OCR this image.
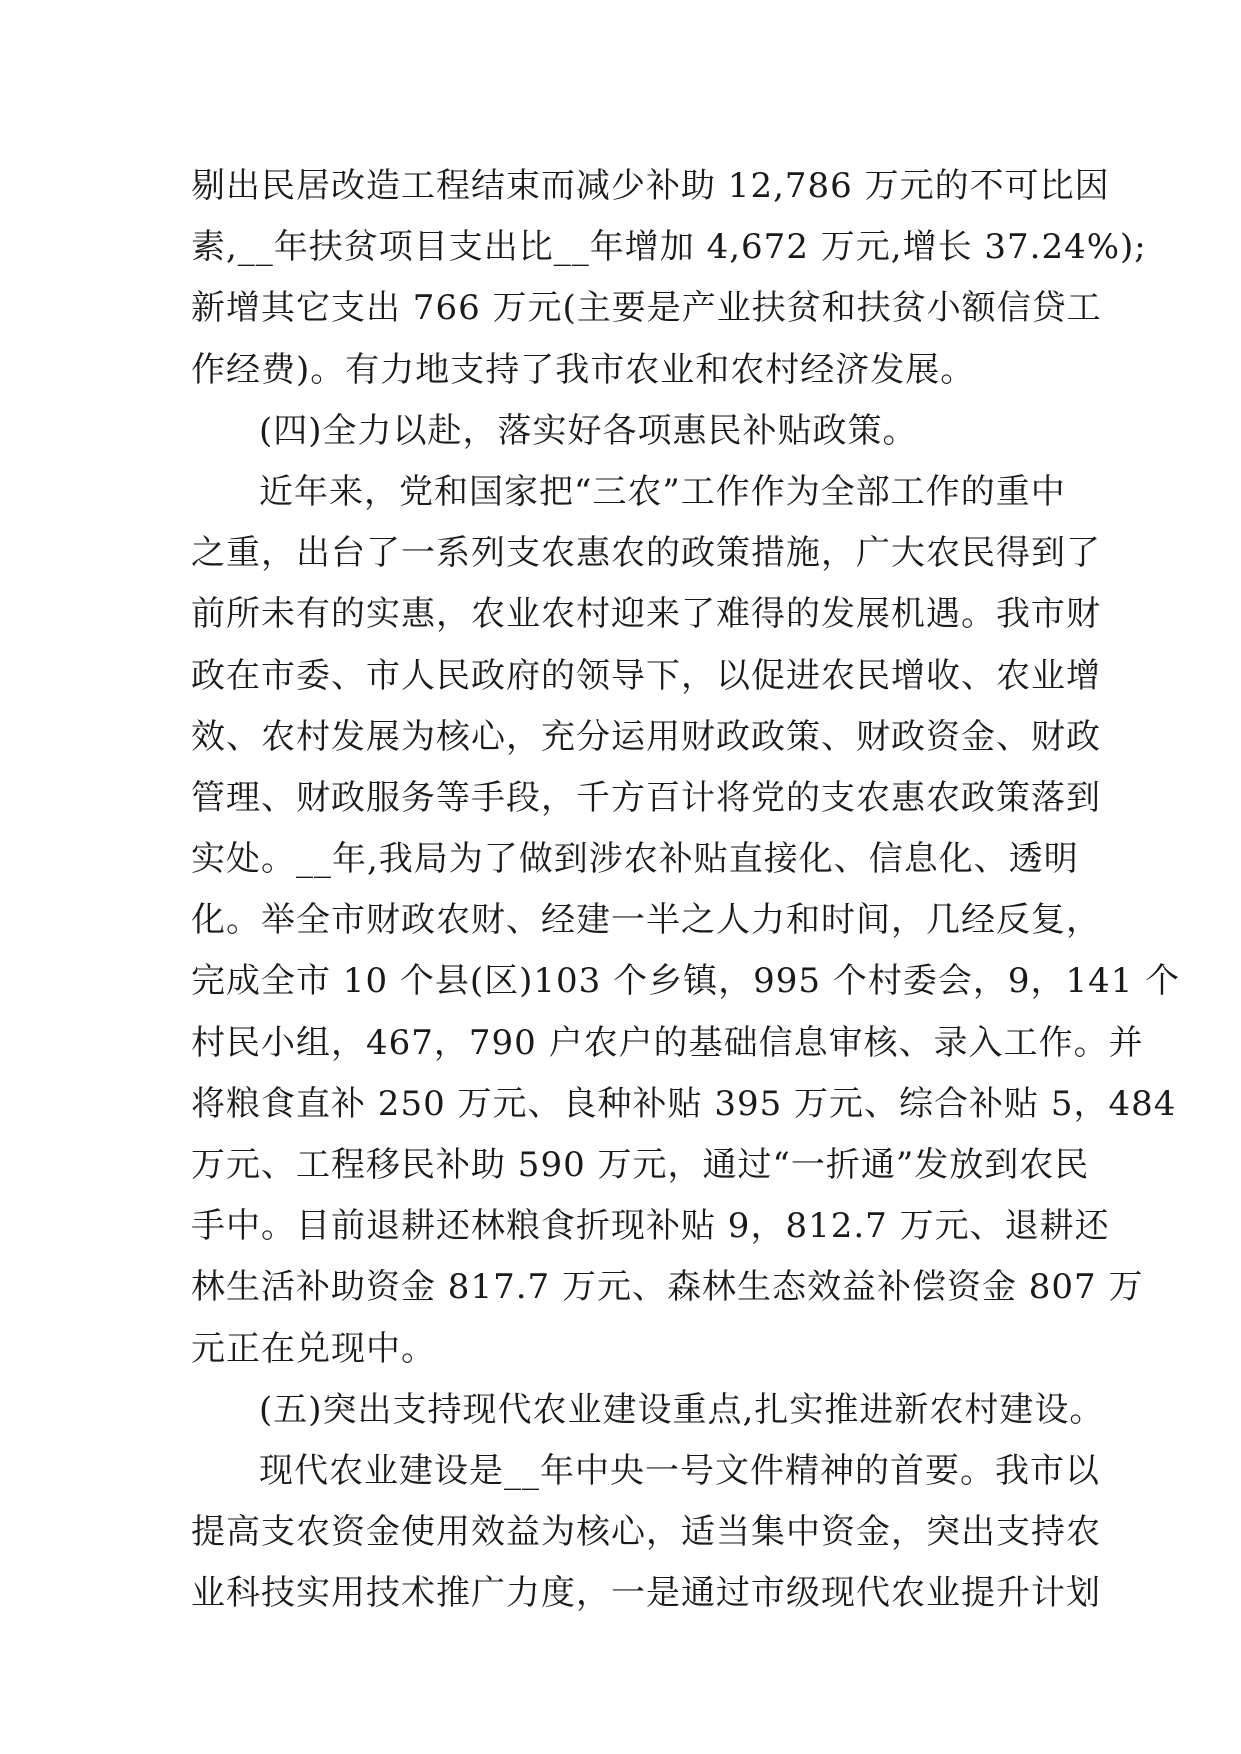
剔出民居改造工程结束而减少补助 12,786 万元的不可比因
素,__年扶贫项目支出比__年增加 4,672 万元,增长 37.24%);
新增其它支出 766 万元(主要是产业扶贫和扶贫小额信贷工
作经费)。有力地支持了我市农业和农村经济发展。
(四)全力以赴，落实好各项惠民补贴政策。
近年来，党和国家把“三农”工作作为全部工作的重中
之重，出台了一系列支农惠农的政策措施，广大农民得到了
前所未有的实惠，农业农村迎来了难得的发展机遇。我市财
政在市委、市人民政府的领导下，以促进农民增收、农业增
效、农村发展为核心，充分运用财政政策、财政资金、财政
管理、财政服务等手段，千方百计将党的支农惠农政策落到
实处。__年,我局为了做到涉农补贴直接化、信息化、透明
化。举全市财政农财、经建一半之人力和时间，几经反复，
完成全市 10 个县(区)103 个乡镇，995 个村委会，9，141 个
村民小组，467，790 户农户的基础信息审核、录入工作。并
将粮食直补 250 万元、良种补贴 395 万元、综合补贴 5，484
万元、工程移民补助 590 万元，通过“一折通”发放到农民
手中。目前退耕还林粮食折现补贴 9，812.7 万元、退耕还
林生活补助资金 817.7 万元、森林生态效益补偿资金 807 万
元正在兑现中。
(五)突出支持现代农业建设重点,扎实推进新农村建设。
现代农业建设是__年中央一号文件精神的首要。我市以
提高支农资金使用效益为核心，适当集中资金，突出支持农
业科技实用技术推广力度，一是通过市级现代农业提升计划
